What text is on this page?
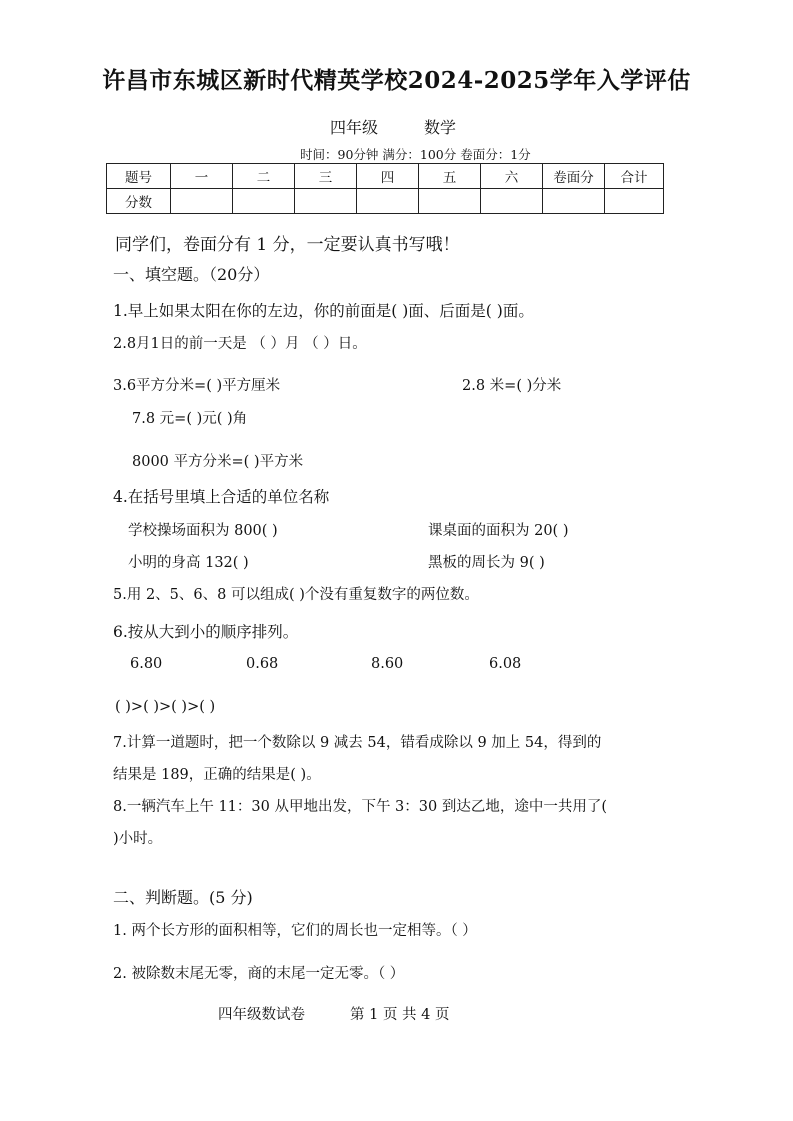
许昌市东城区新时代精英学校2024-2025学年入学评估
四年级	数学
时间：90分钟 满分：100分 卷面分：1分
题号	一	二	三	四	五	六	卷面分	合计
分数								
同学们，卷面分有 1 分，一定要认真书写哦！
一、填空题。（20分）
1.早上如果太阳在你的左边，你的前面是( )面、后面是( )面。
2.8月1日的前一天是 （ ）月 （ ）日。
3.6平方分米=( )平方厘米	2.8 米=( )分米
7.8 元=( )元( )角
8000 平方分米=( )平方米
4.在括号里填上合适的单位名称
学校操场面积为 800( )	课桌面的面积为 20( )
小明的身高 132( )	黑板的周长为 9( )
5.用 2、5、6、8 可以组成( )个没有重复数字的两位数。
6.按从大到小的顺序排列。
6.80	0.68	8.60	6.08
( )>( )>( )>( )
7.计算一道题时，把一个数除以 9 减去 54，错看成除以 9 加上 54，得到的
结果是 189，正确的结果是( )。
8.一辆汽车上午 11：30 从甲地出发，下午 3：30 到达乙地，途中一共用了(
)小时。
二、判断题。(5 分)
1. 两个长方形的面积相等，它们的周长也一定相等。（ ）
2. 被除数末尾无零，商的末尾一定无零。（ ）
四年级数试卷	第 1 页 共 4 页
